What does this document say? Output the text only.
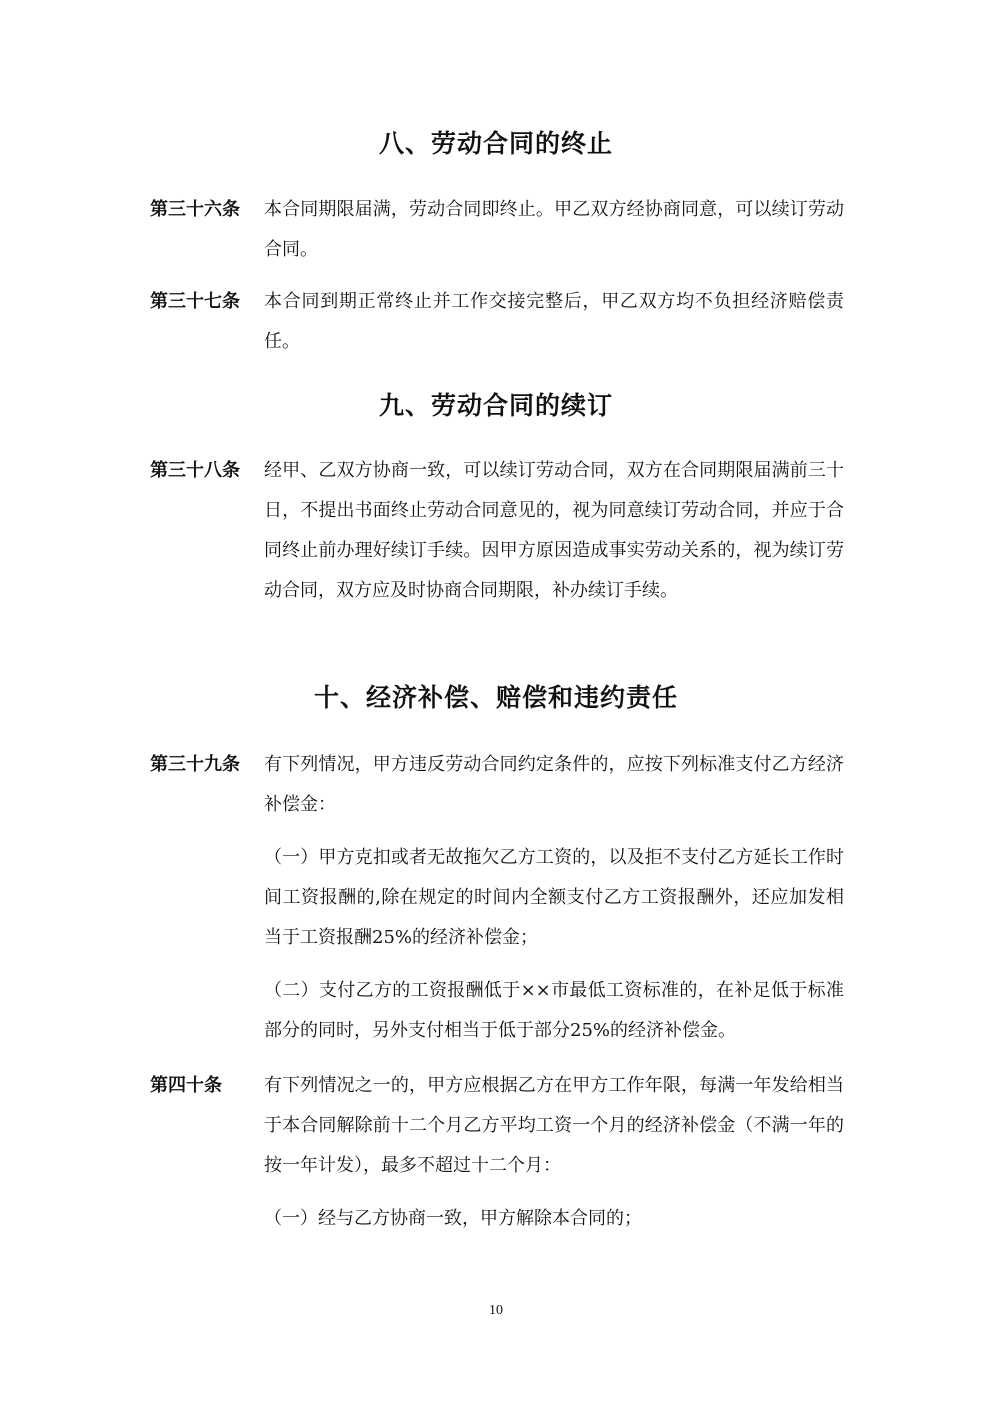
八、劳动合同的终止
第三十六条	本合同期限届满，劳动合同即终止。甲乙双方经协商同意，可以续订劳动合同。

第三十七条	本合同到期正常终止并工作交接完整后，甲乙双方均不负担经济赔偿责任。

九、劳动合同的续订
第三十八条	经甲、乙双方协商一致，可以续订劳动合同，双方在合同期限届满前三十日，不提出书面终止劳动合同意见的，视为同意续订劳动合同，并应于合同终止前办理好续订手续。因甲方原因造成事实劳动关系的，视为续订劳动合同，双方应及时协商合同期限，补办续订手续。

十、经济补偿、赔偿和违约责任
第三十九条	有下列情况，甲方违反劳动合同约定条件的，应按下列标准支付乙方经济补偿金：

（一）甲方克扣或者无故拖欠乙方工资的，以及拒不支付乙方延长工作时间工资报酬的,除在规定的时间内全额支付乙方工资报酬外，还应加发相当于工资报酬25%的经济补偿金；

（二）支付乙方的工资报酬低于××市最低工资标准的，在补足低于标准部分的同时，另外支付相当于低于部分25%的经济补偿金。

第四十条	有下列情况之一的，甲方应根据乙方在甲方工作年限，每满一年发给相当于本合同解除前十二个月乙方平均工资一个月的经济补偿金（不满一年的按一年计发），最多不超过十二个月：

（一）经与乙方协商一致，甲方解除本合同的；

10
